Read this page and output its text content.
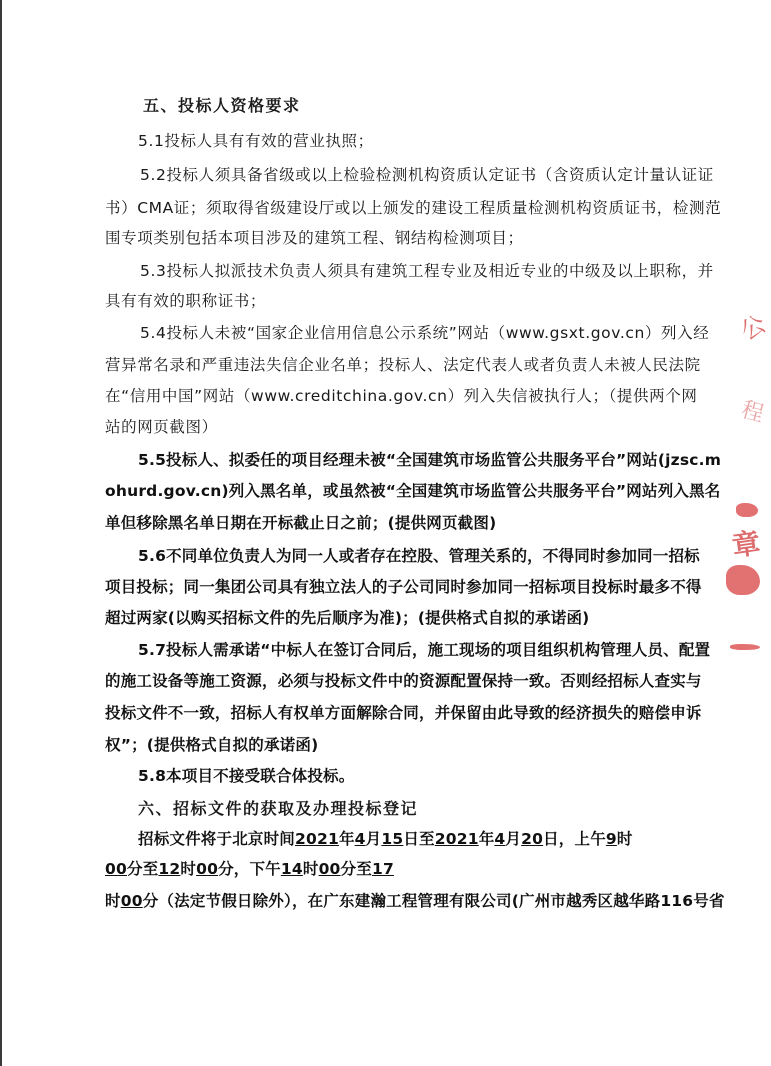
五、投标人资格要求
5.1投标人具有有效的营业执照；
5.2投标人须具备省级或以上检验检测机构资质认定证书（含资质认定计量认证证
书）CMA证；须取得省级建设厅或以上颁发的建设工程质量检测机构资质证书，检测范
围专项类别包括本项目涉及的建筑工程、钢结构检测项目；
5.3投标人拟派技术负责人须具有建筑工程专业及相近专业的中级及以上职称，并
具有有效的职称证书；
5.4投标人未被“国家企业信用信息公示系统”网站（www.gsxt.gov.cn）列入经
营异常名录和严重违法失信企业名单；投标人、法定代表人或者负责人未被人民法院
在“信用中国”网站（www.creditchina.gov.cn）列入失信被执行人；（提供两个网
站的网页截图）
5.5投标人、拟委任的项目经理未被“全国建筑市场监管公共服务平台”网站(jzsc.m
ohurd.gov.cn)列入黑名单，或虽然被“全国建筑市场监管公共服务平台”网站列入黑名
单但移除黑名单日期在开标截止日之前；(提供网页截图)
5.6不同单位负责人为同一人或者存在控股、管理关系的，不得同时参加同一招标
项目投标；同一集团公司具有独立法人的子公司同时参加同一招标项目投标时最多不得
超过两家(以购买招标文件的先后顺序为准)；(提供格式自拟的承诺函)
5.7投标人需承诺“中标人在签订合同后，施工现场的项目组织机构管理人员、配置
的施工设备等施工资源，必须与投标文件中的资源配置保持一致。否则经招标人查实与
投标文件不一致，招标人有权单方面解除合同，并保留由此导致的经济损失的赔偿申诉
权”；(提供格式自拟的承诺函)
5.8本项目不接受联合体投标。
六、招标文件的获取及办理投标登记
招标文件将于北京时间2021年4月15日至2021年4月20日，上午9时
00分至12时00分，下午14时00分至17
时00分（法定节假日除外），在广东建瀚工程管理有限公司(广州市越秀区越华路116号省
公
程
章
